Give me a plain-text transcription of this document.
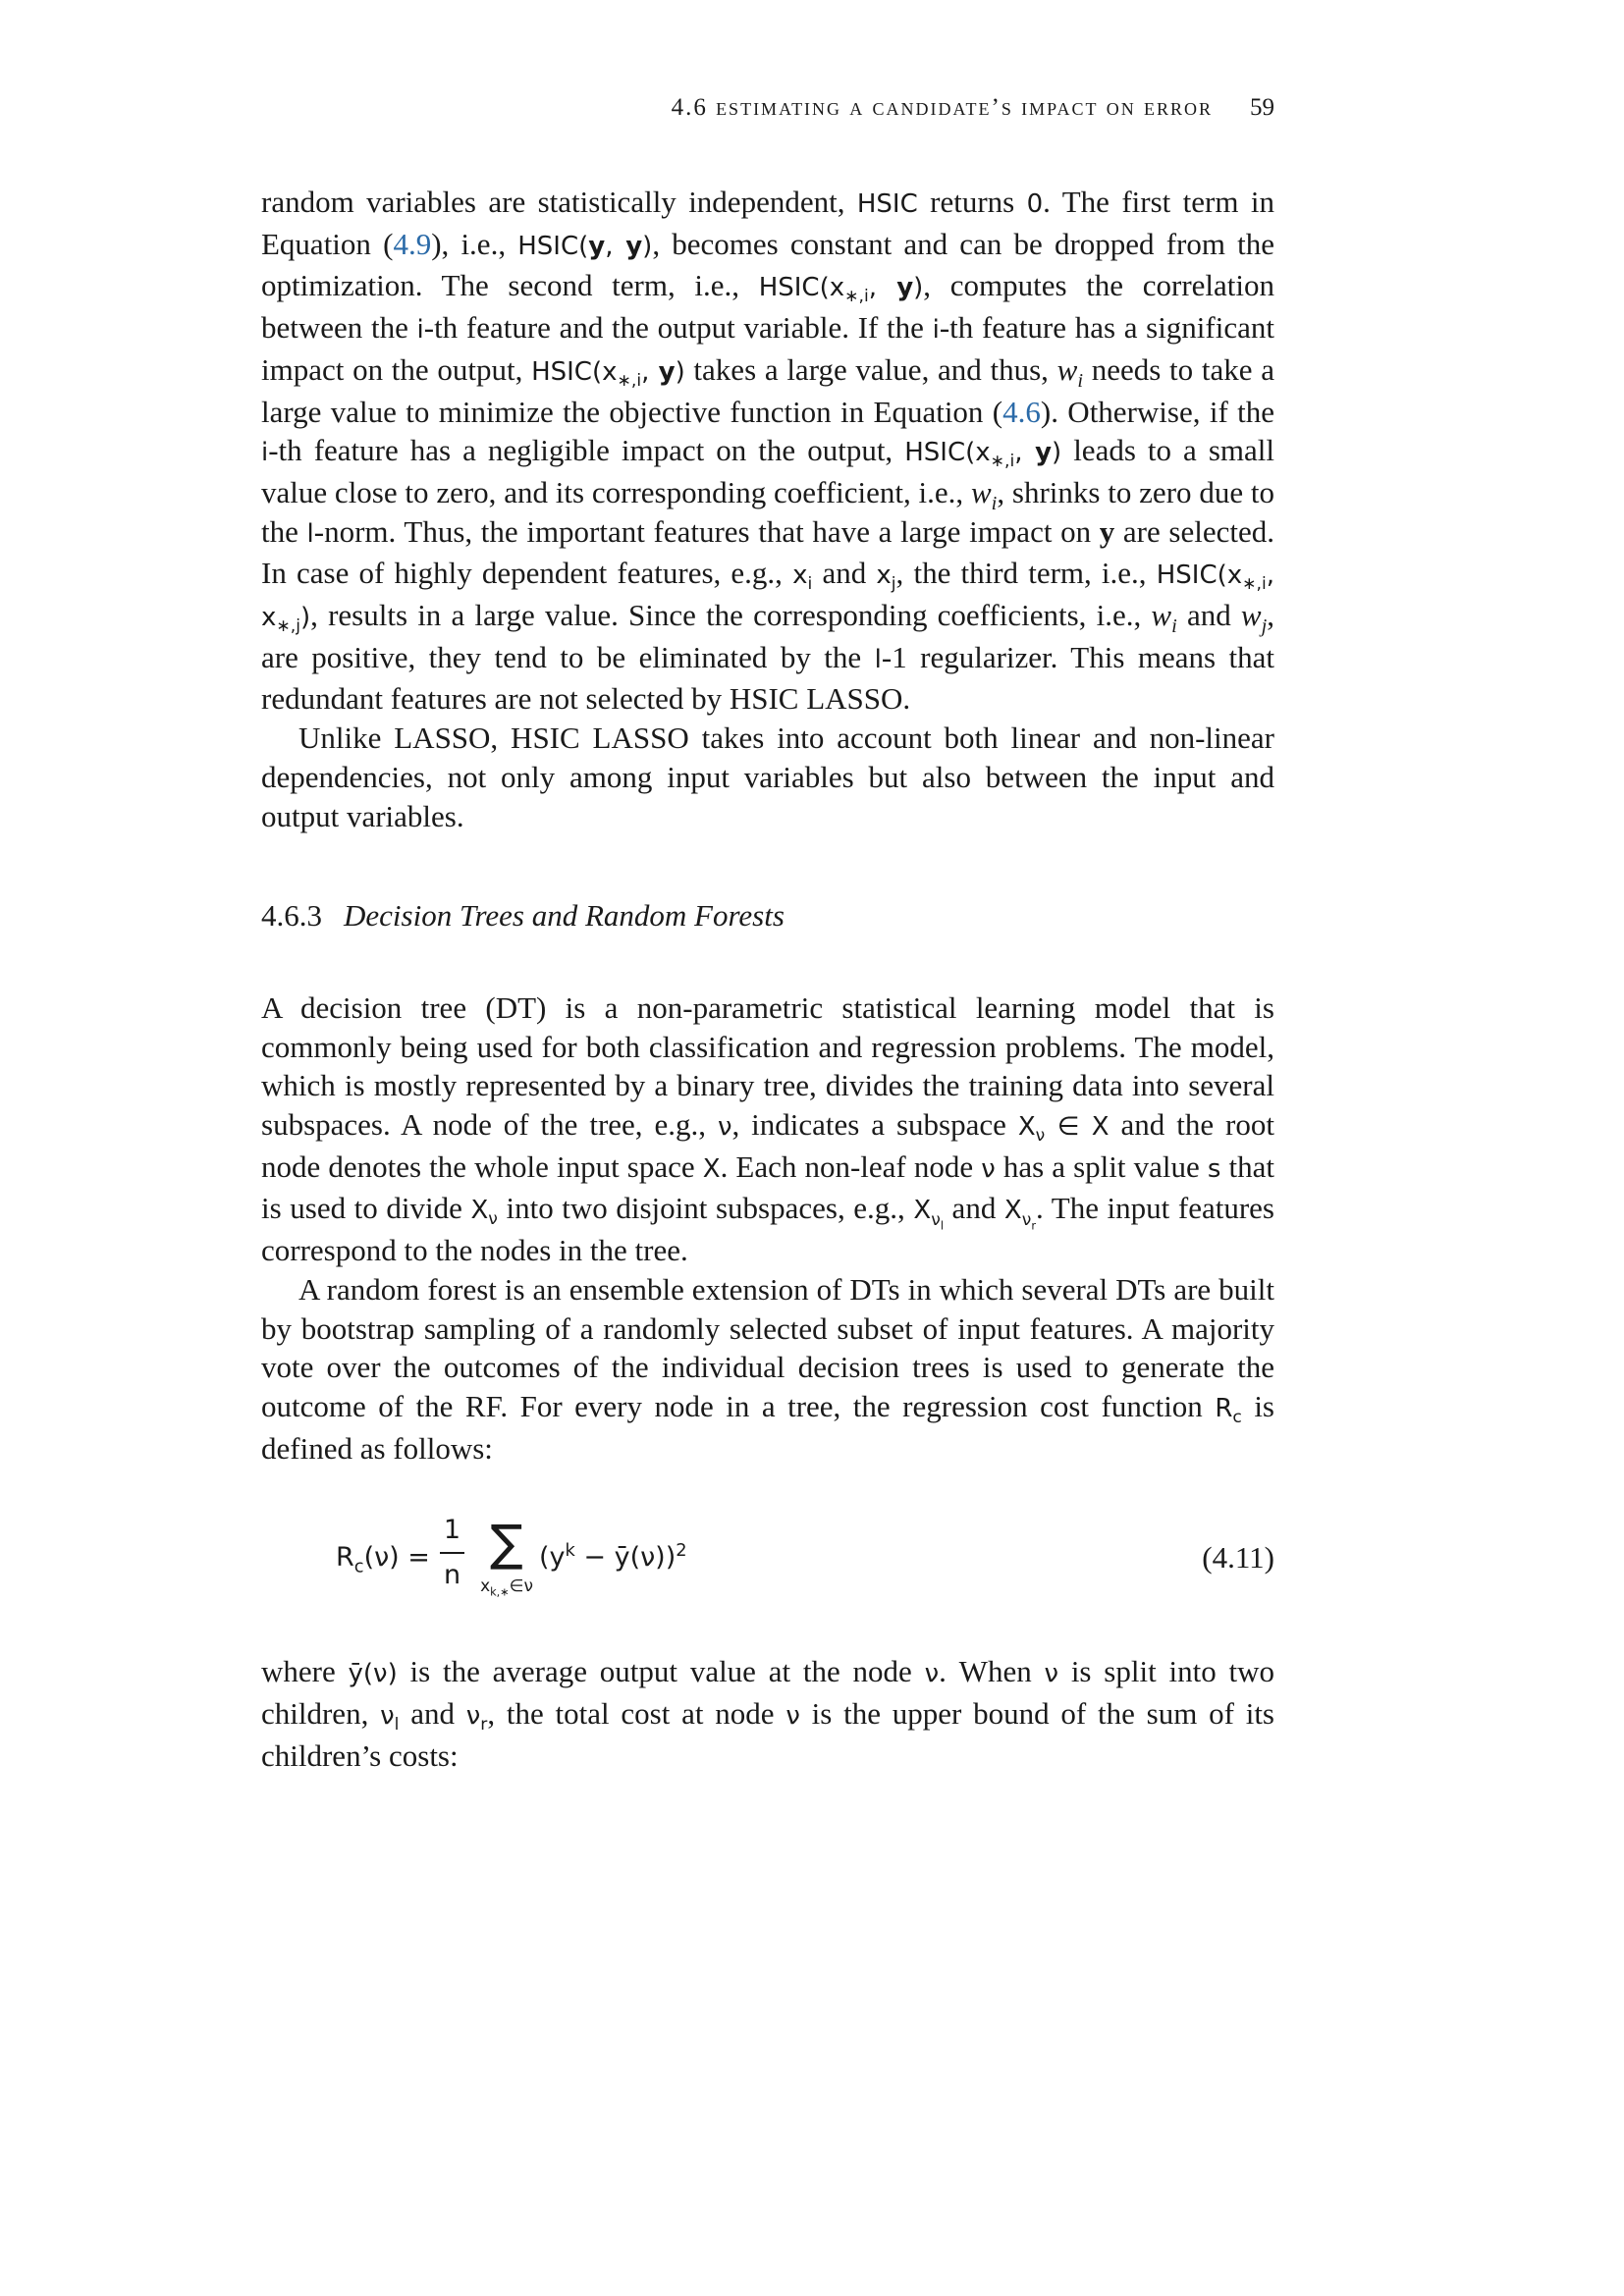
4.6 estimating a candidate’s impact on error 59

random variables are statistically independent, HSIC returns 0. The first term in Equation (4.9), i.e., HSIC(y, y), becomes constant and can be dropped from the optimization. The second term, i.e., $HSIC(x_{∗,i}$, y), computes the correlation between the i-th feature and the output variable. If the i-th feature has a significant impact on the output, $HSIC(x_{∗,i}$, y) takes a large value, and thus, $w_i$ needs to take a large value to minimize the objective function in Equation (4.6). Otherwise, if the i-th feature has a negligible impact on the output, $HSIC(x_{∗,i}$, y) leads to a small value close to zero, and its corresponding coefficient, i.e., $w_i$, shrinks to zero due to the l-norm. Thus, the important features that have a large impact on y are selected. In case of highly dependent features, e.g., $x_i$ and $x_j$, the third term, i.e., $HSIC(x_{∗,i}$, $x_{∗,j}$), results in a large value. Since the corresponding coefficients, i.e., $w_i$ and $w_j$, are positive, they tend to be eliminated by the l-1 regularizer. This means that redundant features are not selected by HSIC LASSO.

Unlike LASSO, HSIC LASSO takes into account both linear and non-linear dependencies, not only among input variables but also between the input and output variables.

4.6.3 Decision Trees and Random Forests

A decision tree (DT) is a non-parametric statistical learning model that is commonly being used for both classification and regression problems. The model, which is mostly represented by a binary tree, divides the training data into several subspaces. A node of the tree, e.g., ν, indicates a subspace $X_\nu$ ∈ X and the root node denotes the whole input space X. Each non-leaf node ν has a split value s that is used to divide $X_\nu$ into two disjoint subspaces, e.g., $X_{\nu_l}$ and $X_{\nu_r}$. The input features correspond to the nodes in the tree.

A random forest is an ensemble extension of DTs in which several DTs are built by bootstrap sampling of a randomly selected subset of input features. A majority vote over the outcomes of the individual decision trees is used to generate the outcome of the RF. For every node in a tree, the regression cost function $R_c$ is defined as follows:

$R_c(\nu) = \frac{1}{n}$ ∑
$x_{k,∗}\in\nu$
($y^k$ − ȳ(ν))$^2$	(4.11)

where ȳ(ν) is the average output value at the node ν. When ν is split into two children, $\nu_l$ and $\nu_r$, the total cost at node ν is the upper bound of the sum of its children’s costs:
